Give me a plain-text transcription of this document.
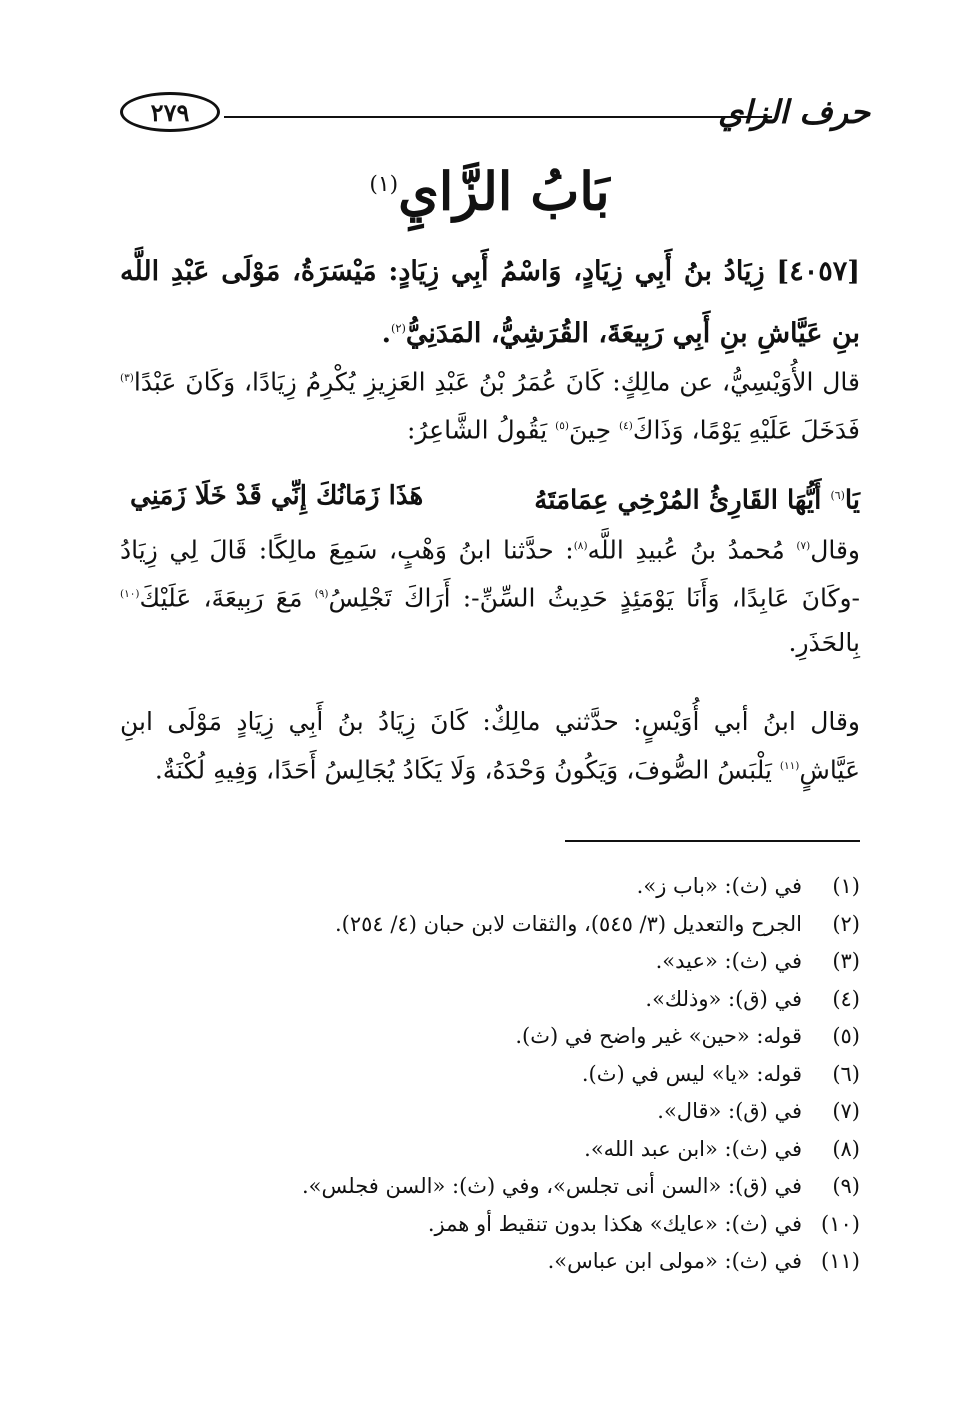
٢٧٩	حرف الزاي
بَابُ الزَّايِ$^{(١)}$
[٤٠٥٧] زِيَادُ بنُ أَبِي زِيَادٍ، وَاسْمُ أَبِي زِيَادٍ: مَيْسَرَةُ، مَوْلَى عَبْدِ اللَّه بنِ عَيَّاشِ بنِ أَبِي رَبِيعَةَ، القُرَشِيُّ، المَدَنِيُّ$^{(٢)}$.
قال الأُوَيْسِيُّ، عن مالِكٍ: كَانَ عُمَرُ بْنُ عَبْدِ العَزِيزِ يُكْرِمُ زِيَادًا، وَكَانَ عَبْدًا$^{(٣)}$ فَدَخَلَ عَلَيْهِ يَوْمًا، وَذَاكَ$^{(٤)}$ حِينَ$^{(٥)}$ يَقُولُ الشَّاعِرُ:
يَا$^{(٦)}$ أَيُّهَا القَارِئُ المُرْخِي عِمَامَتَهُ
هَذَا زَمَانُكَ إِنِّي قَدْ خَلَا زَمَنِي
وقال$^{(٧)}$ مُحمدُ بنُ عُبيدِ اللَّه$^{(٨)}$: حدَّثنا ابنُ وَهْبٍ، سَمِعَ مالِكًا: قَالَ لِي زِيَادُ -وكَانَ عَابِدًا، وَأَنَا يَوْمَئِذٍ حَدِيثُ السِّنِّ-: أَرَاكَ تَجْلِسُ$^{(٩)}$ مَعَ رَبِيعَةَ، عَلَيْكَ$^{(١٠)}$ بِالحَذَرِ.
وقال ابنُ أبي أُوَيْسٍ: حدَّثني مالِكٌ: كَانَ زِيَادُ بنُ أَبِي زِيَادٍ مَوْلَى ابنِ عَيَّاشٍ$^{(١١)}$ يَلْبَسُ الصُّوفَ، وَيَكُونُ وَحْدَهُ، وَلَا يَكَادُ يُجَالِسُ أَحَدًا، وَفِيهِ لُكْنَةٌ.
(١)في (ث): «باب ز».
(٢)الجرح والتعديل (٣/ ٥٤٥)، والثقات لابن حبان (٤/ ٢٥٤).
(٣)في (ث): «عيد».
(٤)في (ق): «وذلك».
(٥)قوله: «حين» غير واضح في (ث).
(٦)قوله: «يا» ليس في (ث).
(٧)في (ق): «قال».
(٨)في (ث): «ابن عبد الله».
(٩)في (ق): «السن أنى تجلس»، وفي (ث): «السن فجلس».
(١٠)في (ث): «عايك» هكذا بدون تنقيط أو همز.
(١١)في (ث): «مولى ابن عباس».
